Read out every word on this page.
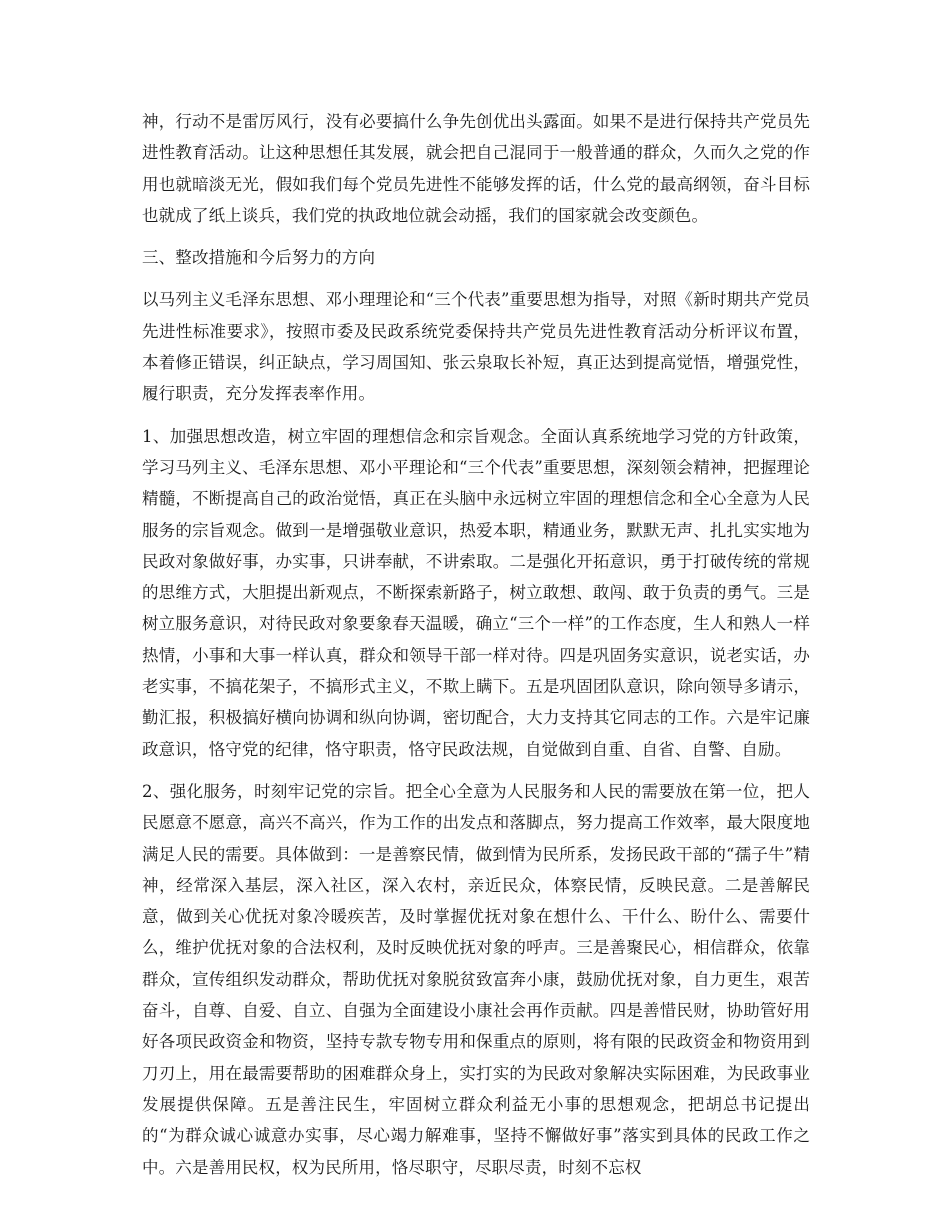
神，行动不是雷厉风行，没有必要搞什么争先创优出头露面。如果不是进行保持共产党员先进性教育活动。让这种思想任其发展，就会把自己混同于一般普通的群众，久而久之党的作用也就暗淡无光，假如我们每个党员先进性不能够发挥的话，什么党的最高纲领，奋斗目标也就成了纸上谈兵，我们党的执政地位就会动摇，我们的国家就会改变颜色。

三、整改措施和今后努力的方向

以马列主义毛泽东思想、邓小理理论和“三个代表”重要思想为指导，对照《新时期共产党员先进性标准要求》，按照市委及民政系统党委保持共产党员先进性教育活动分析评议布置，本着修正错误，纠正缺点，学习周国知、张云泉取长补短，真正达到提高觉悟，增强党性，履行职责，充分发挥表率作用。

1、加强思想改造，树立牢固的理想信念和宗旨观念。全面认真系统地学习党的方针政策，学习马列主义、毛泽东思想、邓小平理论和“三个代表”重要思想，深刻领会精神，把握理论精髓，不断提高自己的政治觉悟，真正在头脑中永远树立牢固的理想信念和全心全意为人民服务的宗旨观念。做到一是增强敬业意识，热爱本职，精通业务，默默无声、扎扎实实地为民政对象做好事，办实事，只讲奉献，不讲索取。二是强化开拓意识，勇于打破传统的常规的思维方式，大胆提出新观点，不断探索新路子，树立敢想、敢闯、敢于负责的勇气。三是树立服务意识，对待民政对象要象春天温暖，确立“三个一样”的工作态度，生人和熟人一样热情，小事和大事一样认真，群众和领导干部一样对待。四是巩固务实意识，说老实话，办老实事，不搞花架子，不搞形式主义，不欺上瞒下。五是巩固团队意识，除向领导多请示，勤汇报，积极搞好横向协调和纵向协调，密切配合，大力支持其它同志的工作。六是牢记廉政意识，恪守党的纪律，恪守职责，恪守民政法规，自觉做到自重、自省、自警、自励。

2、强化服务，时刻牢记党的宗旨。把全心全意为人民服务和人民的需要放在第一位，把人民愿意不愿意，高兴不高兴，作为工作的出发点和落脚点，努力提高工作效率，最大限度地满足人民的需要。具体做到：一是善察民情，做到情为民所系，发扬民政干部的“孺子牛”精神，经常深入基层，深入社区，深入农村，亲近民众，体察民情，反映民意。二是善解民意，做到关心优抚对象冷暖疾苦，及时掌握优抚对象在想什么、干什么、盼什么、需要什么，维护优抚对象的合法权利，及时反映优抚对象的呼声。三是善聚民心，相信群众，依靠群众，宣传组织发动群众，帮助优抚对象脱贫致富奔小康，鼓励优抚对象，自力更生，艰苦奋斗，自尊、自爱、自立、自强为全面建设小康社会再作贡献。四是善惜民财，协助管好用好各项民政资金和物资，坚持专款专物专用和保重点的原则，将有限的民政资金和物资用到刀刃上，用在最需要帮助的困难群众身上，实打实的为民政对象解决实际困难，为民政事业发展提供保障。五是善注民生，牢固树立群众利益无小事的思想观念，把胡总书记提出的“为群众诚心诚意办实事，尽心竭力解难事，坚持不懈做好事”落实到具体的民政工作之中。六是善用民权，权为民所用，恪尽职守，尽职尽责，时刻不忘权
